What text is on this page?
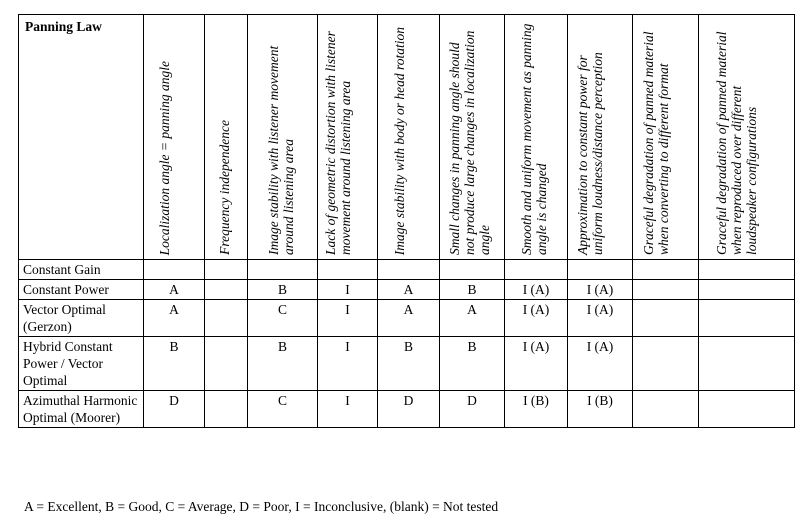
Panning Law	Localization angle = panning angle	Frequency independence	Image stability with listener movement around listening area	Lack of geometric distortion with listener movement around listening area	Image stability with body or head rotation	Small changes in panning angle should not produce large changes in localization angle	Smooth and uniform movement as panning angle is changed	Approximation to constant power for uniform loudness/distance perception	Graceful degradation of panned material when converting to different format	Graceful degradation of panned material when reproduced over different loudspeaker configurations

Constant Gain										
Constant Power	A		B	I	A	B	I (A)	I (A)		
Vector Optimal (Gerzon)	A		C	I	A	A	I (A)	I (A)		
Hybrid Constant Power / Vector Optimal	B		B	I	B	B	I (A)	I (A)		
Azimuthal Harmonic Optimal (Moorer)	D		C	I	D	D	I (B)	I (B)		
A = Excellent, B = Good, C = Average, D = Poor, I = Inconclusive, (blank) = Not tested
